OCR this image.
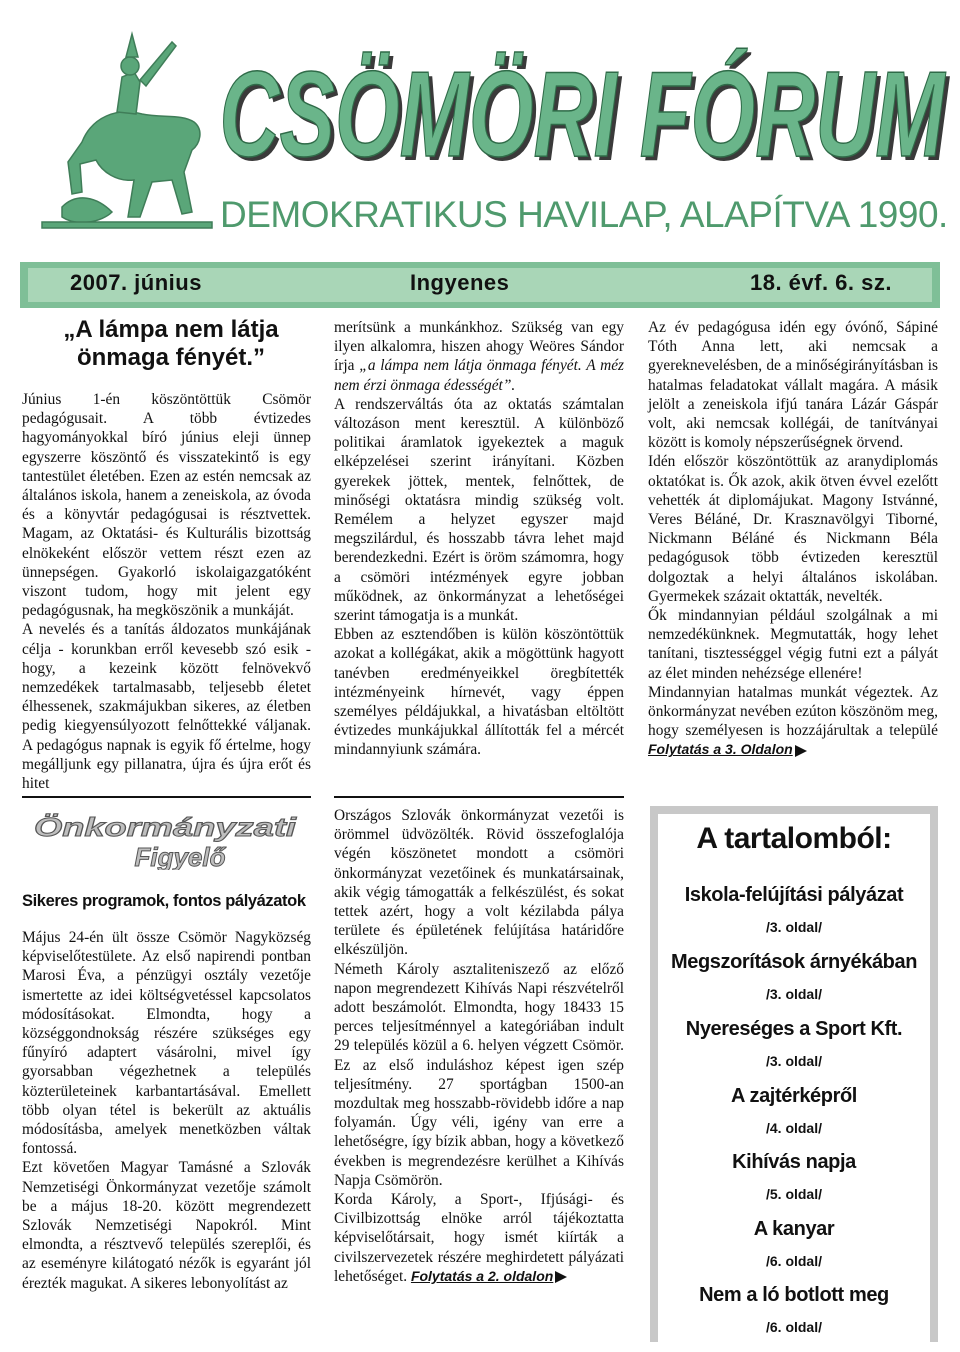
CSÖMÖRI FÓRUM
CSÖMÖRI FÓRUM
DEMOKRATIKUS HAVILAP, ALAPÍTVA 1990.
2007. június	Ingyenes	18. évf. 6. sz.
„A lámpa nem látja
önmaga fényét.”

Június 1-én köszöntöttük Csömör pedagógusait. A több évtizedes hagyományokkal bíró június eleji ünnep egyszerre köszöntő és visszatekintő is egy tantestület életében. Ezen az estén nemcsak az általános iskola, hanem a zeneiskola, az óvoda és a könyvtár pedagógusai is résztvettek. Magam, az Oktatási- és Kulturális bizottság elnökeként először vettem részt ezen az ünnepségen. Gyakorló iskolaigazgatóként viszont tudom, hogy mit jelent egy pedagógusnak, ha megköszönik a munkáját.

A nevelés és a tanítás áldozatos munkájának célja - korunkban erről kevesebb szó esik - hogy, a kezeink között felnövekvő nemzedékek tartalmasabb, teljesebb életet élhessenek, szakmájukban sikeres, az életben pedig kiegyensúlyozott felnőttekké váljanak. A pedagógus napnak is egyik fő értelme, hogy megálljunk egy pillanatra, újra és újra erőt és hitet

merítsünk a munkánkhoz. Szükség van egy ilyen alkalomra, hiszen ahogy Weöres Sándor írja „a lámpa nem látja önmaga fényét. A méz nem érzi önmaga édességét”.

A rendszerváltás óta az oktatás számtalan változáson ment keresztül. A különböző politikai áramlatok igyekeztek a maguk elképzelései szerint irányítani. Közben gyerekek jöttek, mentek, felnőttek, de minőségi oktatásra mindig szükség volt. Remélem a helyzet egyszer majd megszilárdul, és hosszabb távra lehet majd berendezkedni. Ezért is öröm számomra, hogy a csömöri intézmények egyre jobban működnek, az önkormányzat a lehetőségei szerint támogatja is a munkát.

Ebben az esztendőben is külön köszöntöttük azokat a kollégákat, akik a mögöttünk hagyott tanévben eredményeikkel öregbítették intézményeink hírnevét, vagy éppen személyes példájukkal, a hivatásban eltöltött évtizedes munkájukkal állították fel a mércét mindannyiunk számára.

Az év pedagógusa idén egy óvónő, Sápiné Tóth Anna lett, aki nemcsak a gyereknevelésben, de a minőségirányításban is hatalmas feladatokat vállalt magára. A másik jelölt a zeneiskola ifjú tanára Lázár Gáspár volt, aki nemcsak kollégái, de tanítványai között is komoly népszerűségnek örvend.

Idén először köszöntöttük az aranydiplomás oktatókat is. Ők azok, akik ötven évvel ezelőtt vehették át diplomájukat. Magony Istvánné, Veres Béláné, Dr. Krasznavölgyi Tiborné, Nickmann Béláné és Nickmann Béla pedagógusok több évtizeden keresztül dolgoztak a helyi általános iskolában. Gyermekek százait oktatták, nevelték.

Ők mindannyian például szolgálnak a mi nemzedékünknek. Megmutatták, hogy lehet tanítani, tisztességgel végig futni ezt a pályát az élet minden nehézsége ellenére!

Mindannyian hatalmas munkát végeztek. Az önkormányzat nevében ezúton köszönöm meg, hogy személyesen is hozzájárultak a települé Folytatás a 3. Oldalon

Önkormányzati
Figyelő
Sikeres programok, fontos pályázatok

Május 24-én ült össze Csömör Nagyközség képviselőtestülete. Az első napirendi pontban Marosi Éva, a pénzügyi osztály vezetője ismertette az idei költségvetéssel kapcsolatos módosításokat. Elmondta, hogy a községgondnokság részére szükséges egy fűnyíró adaptert vásárolni, mivel így gyorsabban végezhetnek a település közterületeinek karbantartásával. Emellett több olyan tétel is bekerült az aktuális módosításba, amelyek menetközben váltak fontossá.

Ezt követően Magyar Tamásné a Szlovák Nemzetiségi Önkormányzat vezetője számolt be a május 18-20. között megrendezett Szlovák Nemzetiségi Napokról. Mint elmondta, a résztvevő település szereplői, és az eseményre kilátogató nézők is egyaránt jól érezték magukat. A sikeres lebonyolítást az

Országos Szlovák önkormányzat vezetői is örömmel üdvözölték. Rövid összefoglalója végén köszönetet mondott a csömöri önkormányzat vezetőinek és munkatársainak, akik végig támogatták a felkészülést, és sokat tettek azért, hogy a volt kézilabda pálya területe és épületének felújítása határidőre elkészüljön.

Németh Károly asztaliteniszező az előző napon megrendezett Kihívás Napi részvételről adott beszámolót. Elmondta, hogy 18433 15 perces teljesítménnyel a kategóriában indult 29 település közül a 6. helyen végzett Csömör. Ez az első induláshoz képest igen szép teljesítmény. 27 sportágban 1500-an mozdultak meg hosszabb-rövidebb időre a nap folyamán. Úgy véli, igény van erre a lehetőségre, így bízik abban, hogy a következő években is megrendezésre kerülhet a Kihívás Napja Csömörön.

Korda Károly, a Sport-, Ifjúsági- és Civilbizottság elnöke arról tájékoztatta képviselőtársait, hogy ismét kiírták a civilszervezetek részére meghirdetett pályázati lehetőséget. Folytatás a 2. oldalon

A tartalomból:
Iskola-felújítási pályázat
/3. oldal/
Megszorítások árnyékában
/3. oldal/
Nyereséges a Sport Kft.
/3. oldal/
A zajtérképről
/4. oldal/
Kihívás napja
/5. oldal/
A kanyar
/6. oldal/
Nem a ló botlott meg
/6. oldal/
